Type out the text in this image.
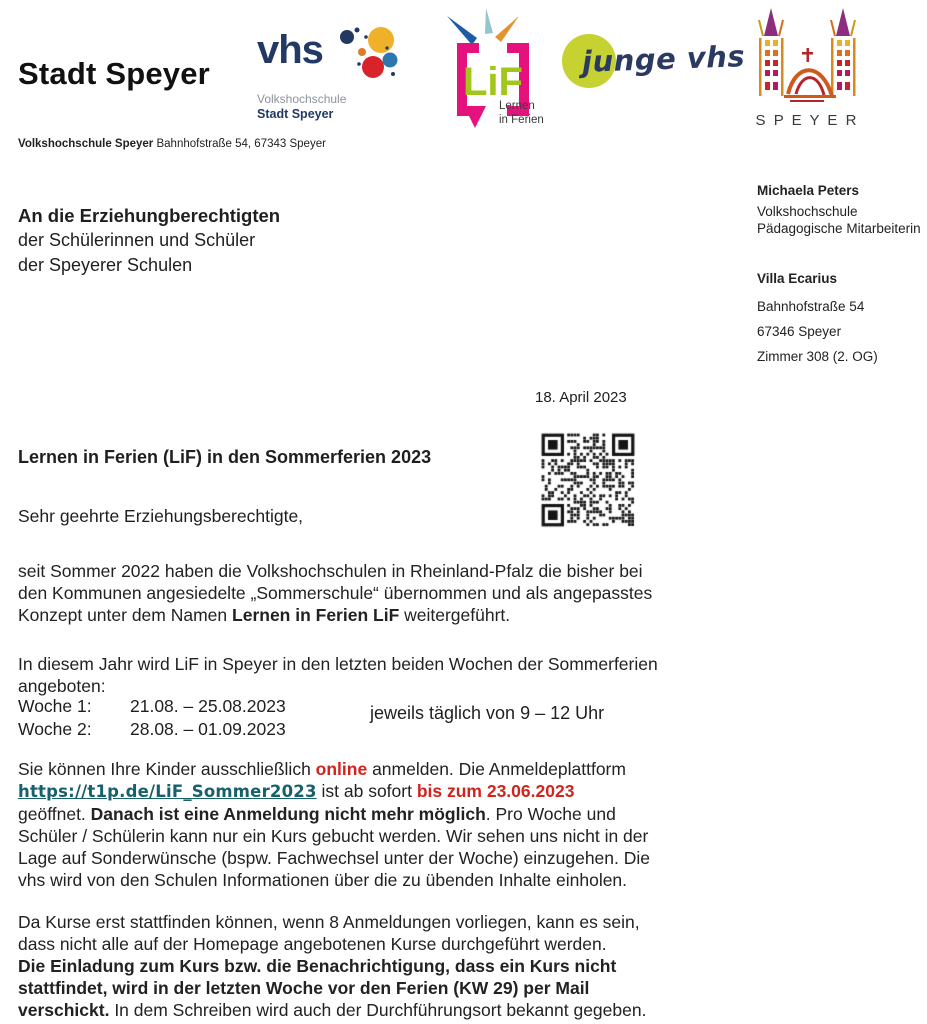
Stadt Speyer
vhs
Volkshochschule
Stadt Speyer
LiF
Lernen
in Ferien
junge vhs
S P E Y E R
Volkshochschule Speyer Bahnhofstraße 54, 67343 Speyer
An die Erziehungberechtigten
der Schülerinnen und Schüler
der Speyerer Schulen
Michaela Peters
Volkshochschule
Pädagogische Mitarbeiterin
Villa Ecarius
Bahnhofstraße 54
67346 Speyer
Zimmer 308 (2. OG)
18. April 2023
Lernen in Ferien (LiF) in den Sommerferien 2023
Sehr geehrte Erziehungsberechtigte,
seit Sommer 2022 haben die Volkshochschulen in Rheinland-Pfalz die bisher bei
den Kommunen angesiedelte „Sommerschule“ übernommen und als angepasstes
Konzept unter dem Namen Lernen in Ferien LiF weitergeführt.
In diesem Jahr wird LiF in Speyer in den letzten beiden Wochen der Sommerferien
angeboten:
Woche 1: 21.08. – 25.08.2023
Woche 2: 28.08. – 01.09.2023
jeweils täglich von 9 – 12 Uhr
Sie können Ihre Kinder ausschließlich online anmelden. Die Anmeldeplattform
https://t1p.de/LiF_Sommer2023 ist ab sofort bis zum 23.06.2023
geöffnet. Danach ist eine Anmeldung nicht mehr möglich. Pro Woche und
Schüler / Schülerin kann nur ein Kurs gebucht werden. Wir sehen uns nicht in der
Lage auf Sonderwünsche (bspw. Fachwechsel unter der Woche) einzugehen. Die
vhs wird von den Schulen Informationen über die zu übenden Inhalte einholen.
Da Kurse erst stattfinden können, wenn 8 Anmeldungen vorliegen, kann es sein,
dass nicht alle auf der Homepage angebotenen Kurse durchgeführt werden.
Die Einladung zum Kurs bzw. die Benachrichtigung, dass ein Kurs nicht
stattfindet, wird in der letzten Woche vor den Ferien (KW 29) per Mail
verschickt. In dem Schreiben wird auch der Durchführungsort bekannt gegeben.
